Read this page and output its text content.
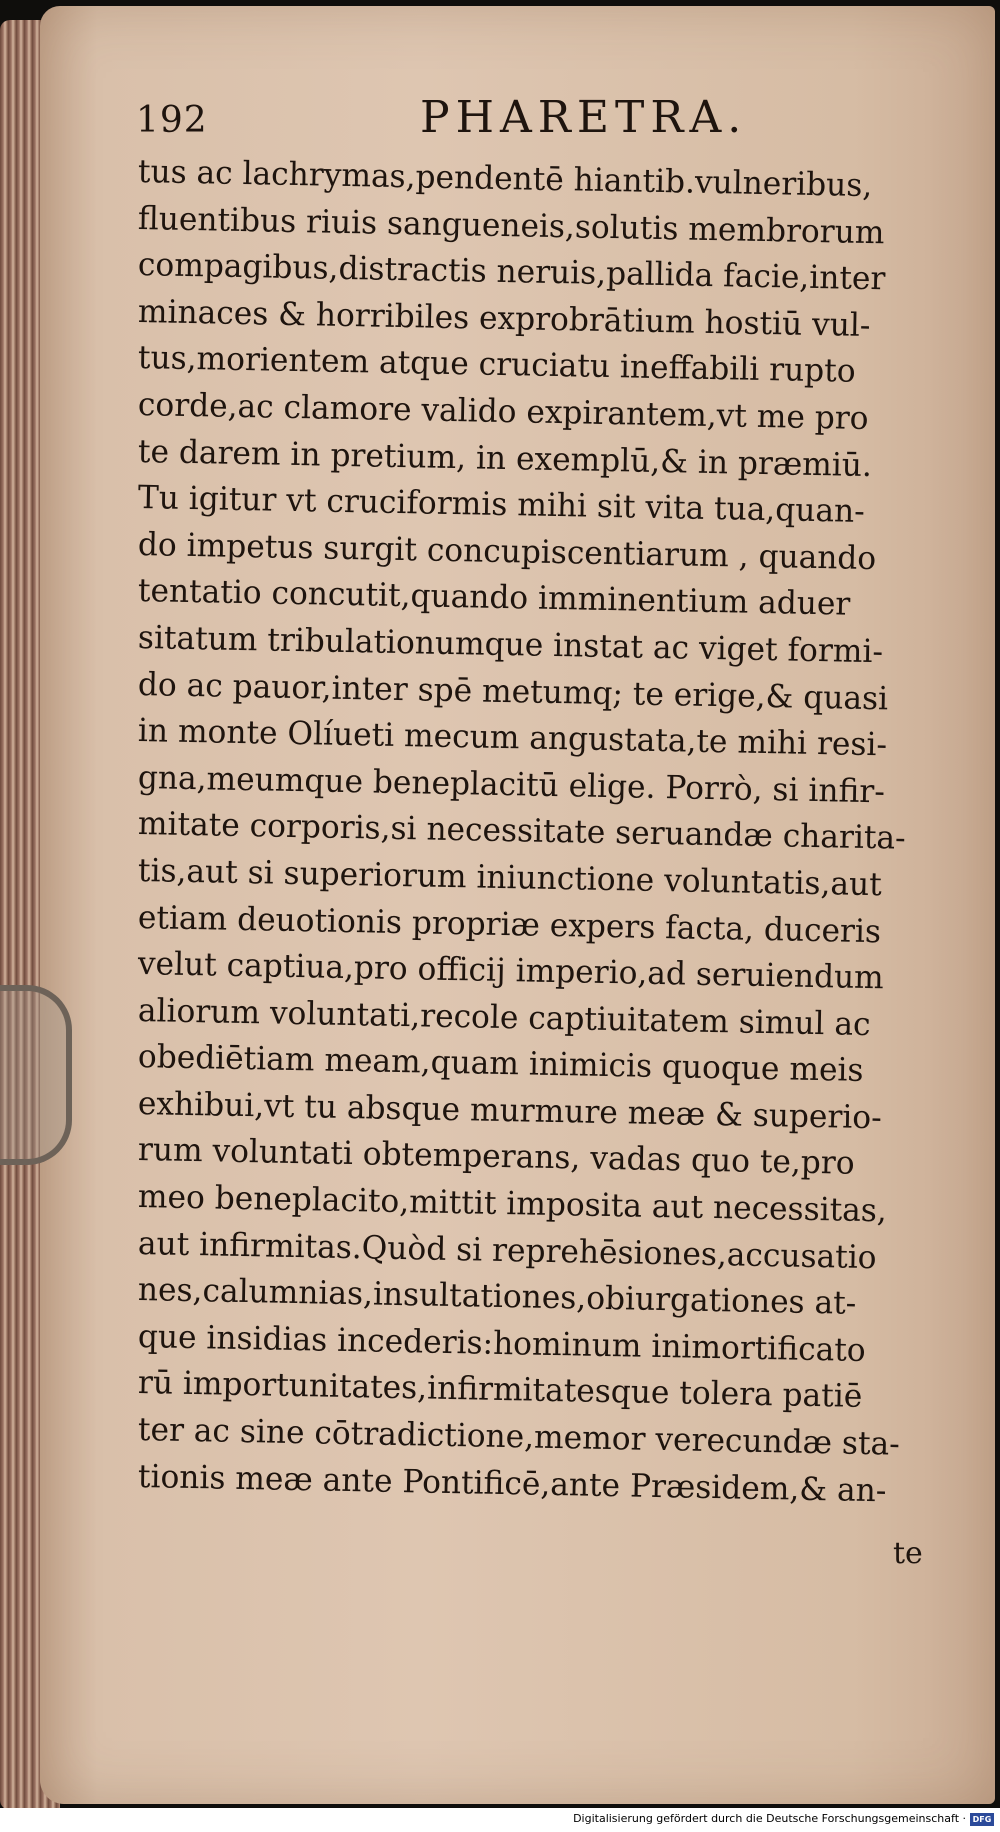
192	PHARETRA.
tus ac lachrymas,pendentē hiantib.vulneribus,
fluentibus riuis sangueneis,solutis membrorum
compagibus,distractis neruis,pallida facie,inter
minaces & horribiles exprobrātium hostiū vul-
tus,morientem atque cruciatu ineffabili rupto
corde,ac clamore valido expirantem,vt me pro
te darem in pretium, in exemplū,& in præmiū.
Tu igitur vt cruciformis mihi sit vita tua,quan-
do impetus surgit concupiscentiarum , quando
tentatio concutit,quando imminentium aduer
sitatum tribulationumque instat ac viget formi-
do ac pauor,inter spē metumq; te erige,& quasi
in monte Olíueti mecum angustata,te mihi resi-
gna,meumque beneplacitū elige. Porrò, si infir-
mitate corporis,si necessitate seruandæ charita-
tis,aut si superiorum iniunctione voluntatis,aut
etiam deuotionis propriæ expers facta, duceris
velut captiua,pro officij imperio,ad seruiendum
aliorum voluntati,recole captiuitatem simul ac
obediētiam meam,quam inimicis quoque meis
exhibui,vt tu absque murmure meæ & superio-
rum voluntati obtemperans, vadas quo te,pro
meo beneplacito,mittit imposita aut necessitas,
aut infirmitas.Quòd si reprehēsiones,accusatio
nes,calumnias,insultationes,obiurgationes at-
que insidias incederis:hominum inimortificato
rū importunitates,infirmitatesque tolera patiē
ter ac sine cōtradictione,memor verecundæ sta-
tionis meæ ante Pontificē,ante Præsidem,& an-
te
Digitalisierung gefördert durch die Deutsche Forschungsgemeinschaft · DFG
